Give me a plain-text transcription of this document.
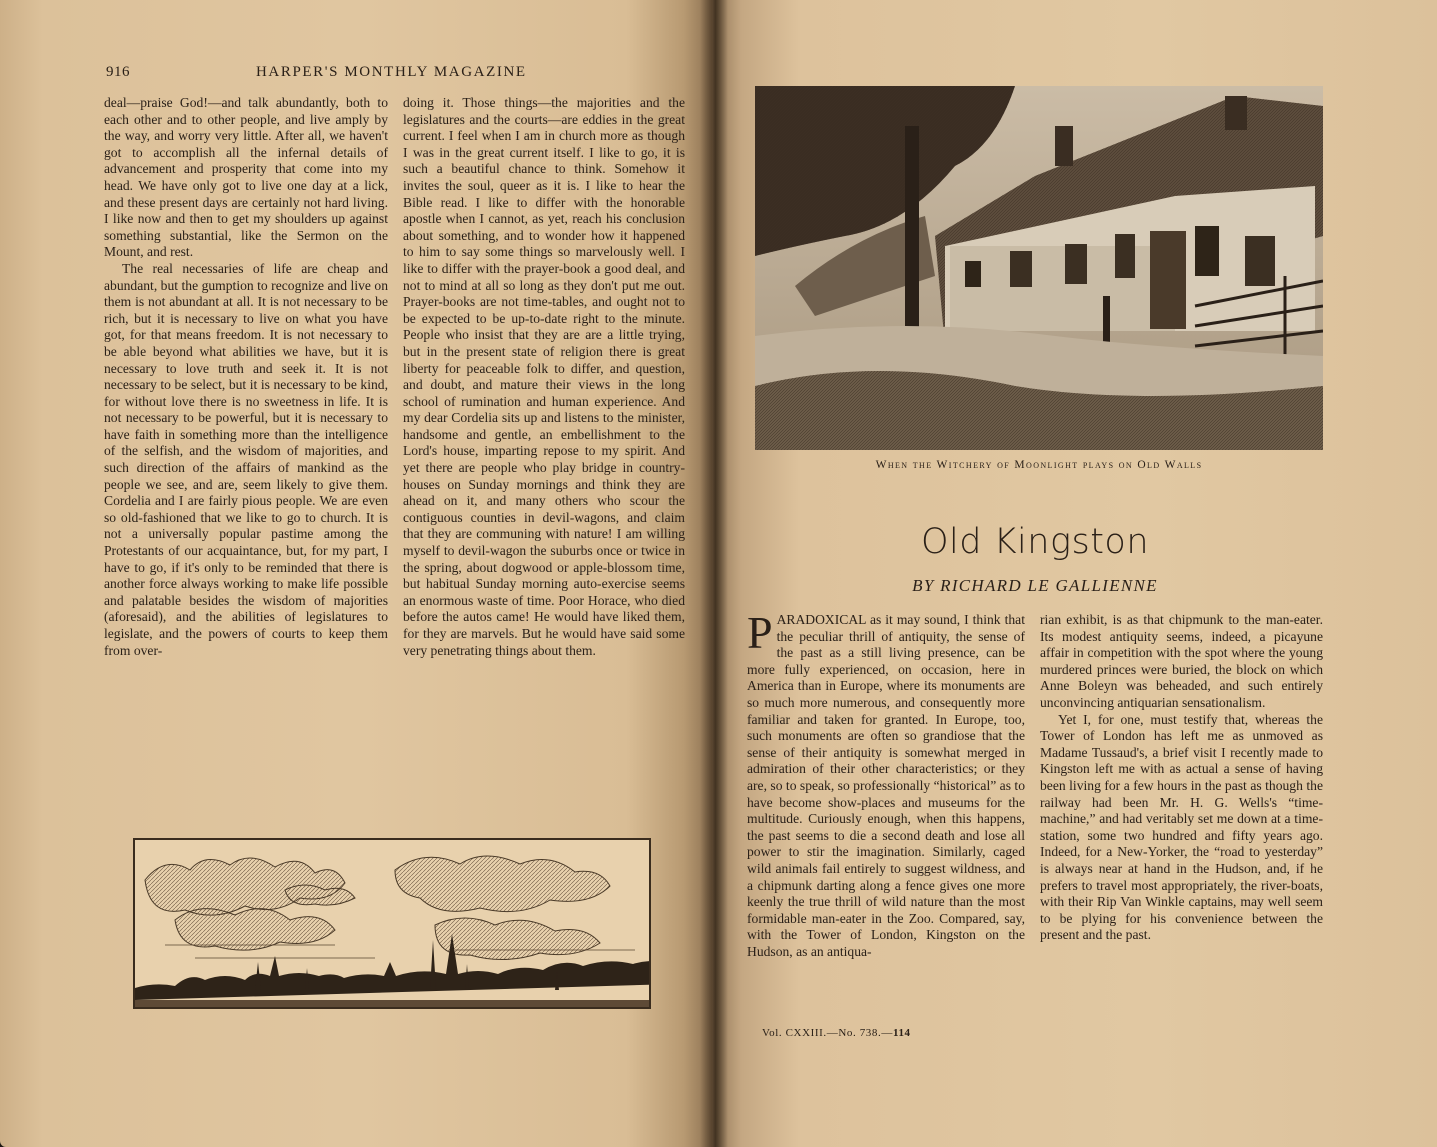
916	HARPER'S MONTHLY MAGAZINE

deal—praise God!—and talk abundantly, both to each other and to other people, and live amply by the way, and worry very little. After all, we haven't got to accomplish all the infernal details of advancement and prosperity that come into my head. We have only got to live one day at a lick, and these present days are certainly not hard living. I like now and then to get my shoulders up against something substantial, like the Sermon on the Mount, and rest.

The real necessaries of life are cheap and abundant, but the gumption to recognize and live on them is not abundant at all. It is not necessary to be rich, but it is necessary to live on what you have got, for that means freedom. It is not necessary to be able beyond what abilities we have, but it is necessary to love truth and seek it. It is not necessary to be select, but it is necessary to be kind, for without love there is no sweetness in life. It is not necessary to be powerful, but it is necessary to have faith in something more than the intelligence of the selfish, and the wisdom of majorities, and such direction of the affairs of mankind as the people we see, and are, seem likely to give them. Cordelia and I are fairly pious people. We are even so old-fashioned that we like to go to church. It is not a universally popular pastime among the Protestants of our acquaintance, but, for my part, I have to go, if it's only to be reminded that there is another force always working to make life possible and palatable besides the wisdom of majorities (aforesaid), and the abilities of legislatures to legislate, and the powers of courts to keep them from over-

doing it. Those things—the majorities and the legislatures and the courts—are eddies in the great current. I feel when I am in church more as though I was in the great current itself. I like to go, it is such a beautiful chance to think. Somehow it invites the soul, queer as it is. I like to hear the Bible read. I like to differ with the honorable apostle when I cannot, as yet, reach his conclusion about something, and to wonder how it happened to him to say some things so marvelously well. I like to differ with the prayer-book a good deal, and not to mind at all so long as they don't put me out. Prayer-books are not time-tables, and ought not to be expected to be up-to-date right to the minute. People who insist that they are are a little trying, but in the present state of religion there is great liberty for peaceable folk to differ, and question, and doubt, and mature their views in the long school of rumination and human experience. And my dear Cordelia sits up and listens to the minister, handsome and gentle, an embellishment to the Lord's house, imparting repose to my spirit. And yet there are people who play bridge in country-houses on Sunday mornings and think they are ahead on it, and many others who scour the contiguous counties in devil-wagons, and claim that they are communing with nature! I am willing myself to devil-wagon the suburbs once or twice in the spring, about dogwood or apple-blossom time, but habitual Sunday morning auto-exercise seems an enormous waste of time. Poor Horace, who died before the autos came! He would have liked them, for they are marvels. But he would have said some very penetrating things about them.

When the Witchery of Moonlight plays on Old Walls
Old Kingston
BY RICHARD LE GALLIENNE

PARADOXICAL as it may sound, I think that the peculiar thrill of antiquity, the sense of the past as a still living presence, can be more fully experienced, on occasion, here in America than in Europe, where its monuments are so much more numerous, and consequently more familiar and taken for granted. In Europe, too, such monuments are often so grandiose that the sense of their antiquity is somewhat merged in admiration of their other characteristics; or they are, so to speak, so professionally “historical” as to have become show-places and museums for the multitude. Curiously enough, when this happens, the past seems to die a second death and lose all power to stir the imagination. Similarly, caged wild animals fail entirely to suggest wildness, and a chipmunk darting along a fence gives one more keenly the true thrill of wild nature than the most formidable man-eater in the Zoo. Compared, say, with the Tower of London, Kingston on the Hudson, as an antiqua-

rian exhibit, is as that chipmunk to the man-eater. Its modest antiquity seems, indeed, a picayune affair in competition with the spot where the young murdered princes were buried, the block on which Anne Boleyn was beheaded, and such entirely unconvincing antiquarian sensationalism.

Yet I, for one, must testify that, whereas the Tower of London has left me as unmoved as Madame Tussaud's, a brief visit I recently made to Kingston left me with as actual a sense of having been living for a few hours in the past as though the railway had been Mr. H. G. Wells's “time-machine,” and had veritably set me down at a time-station, some two hundred and fifty years ago. Indeed, for a New-Yorker, the “road to yesterday” is always near at hand in the Hudson, and, if he prefers to travel most appropriately, the river-boats, with their Rip Van Winkle captains, may well seem to be plying for his convenience between the present and the past.

Vol. CXXIII.—No. 738.—114
